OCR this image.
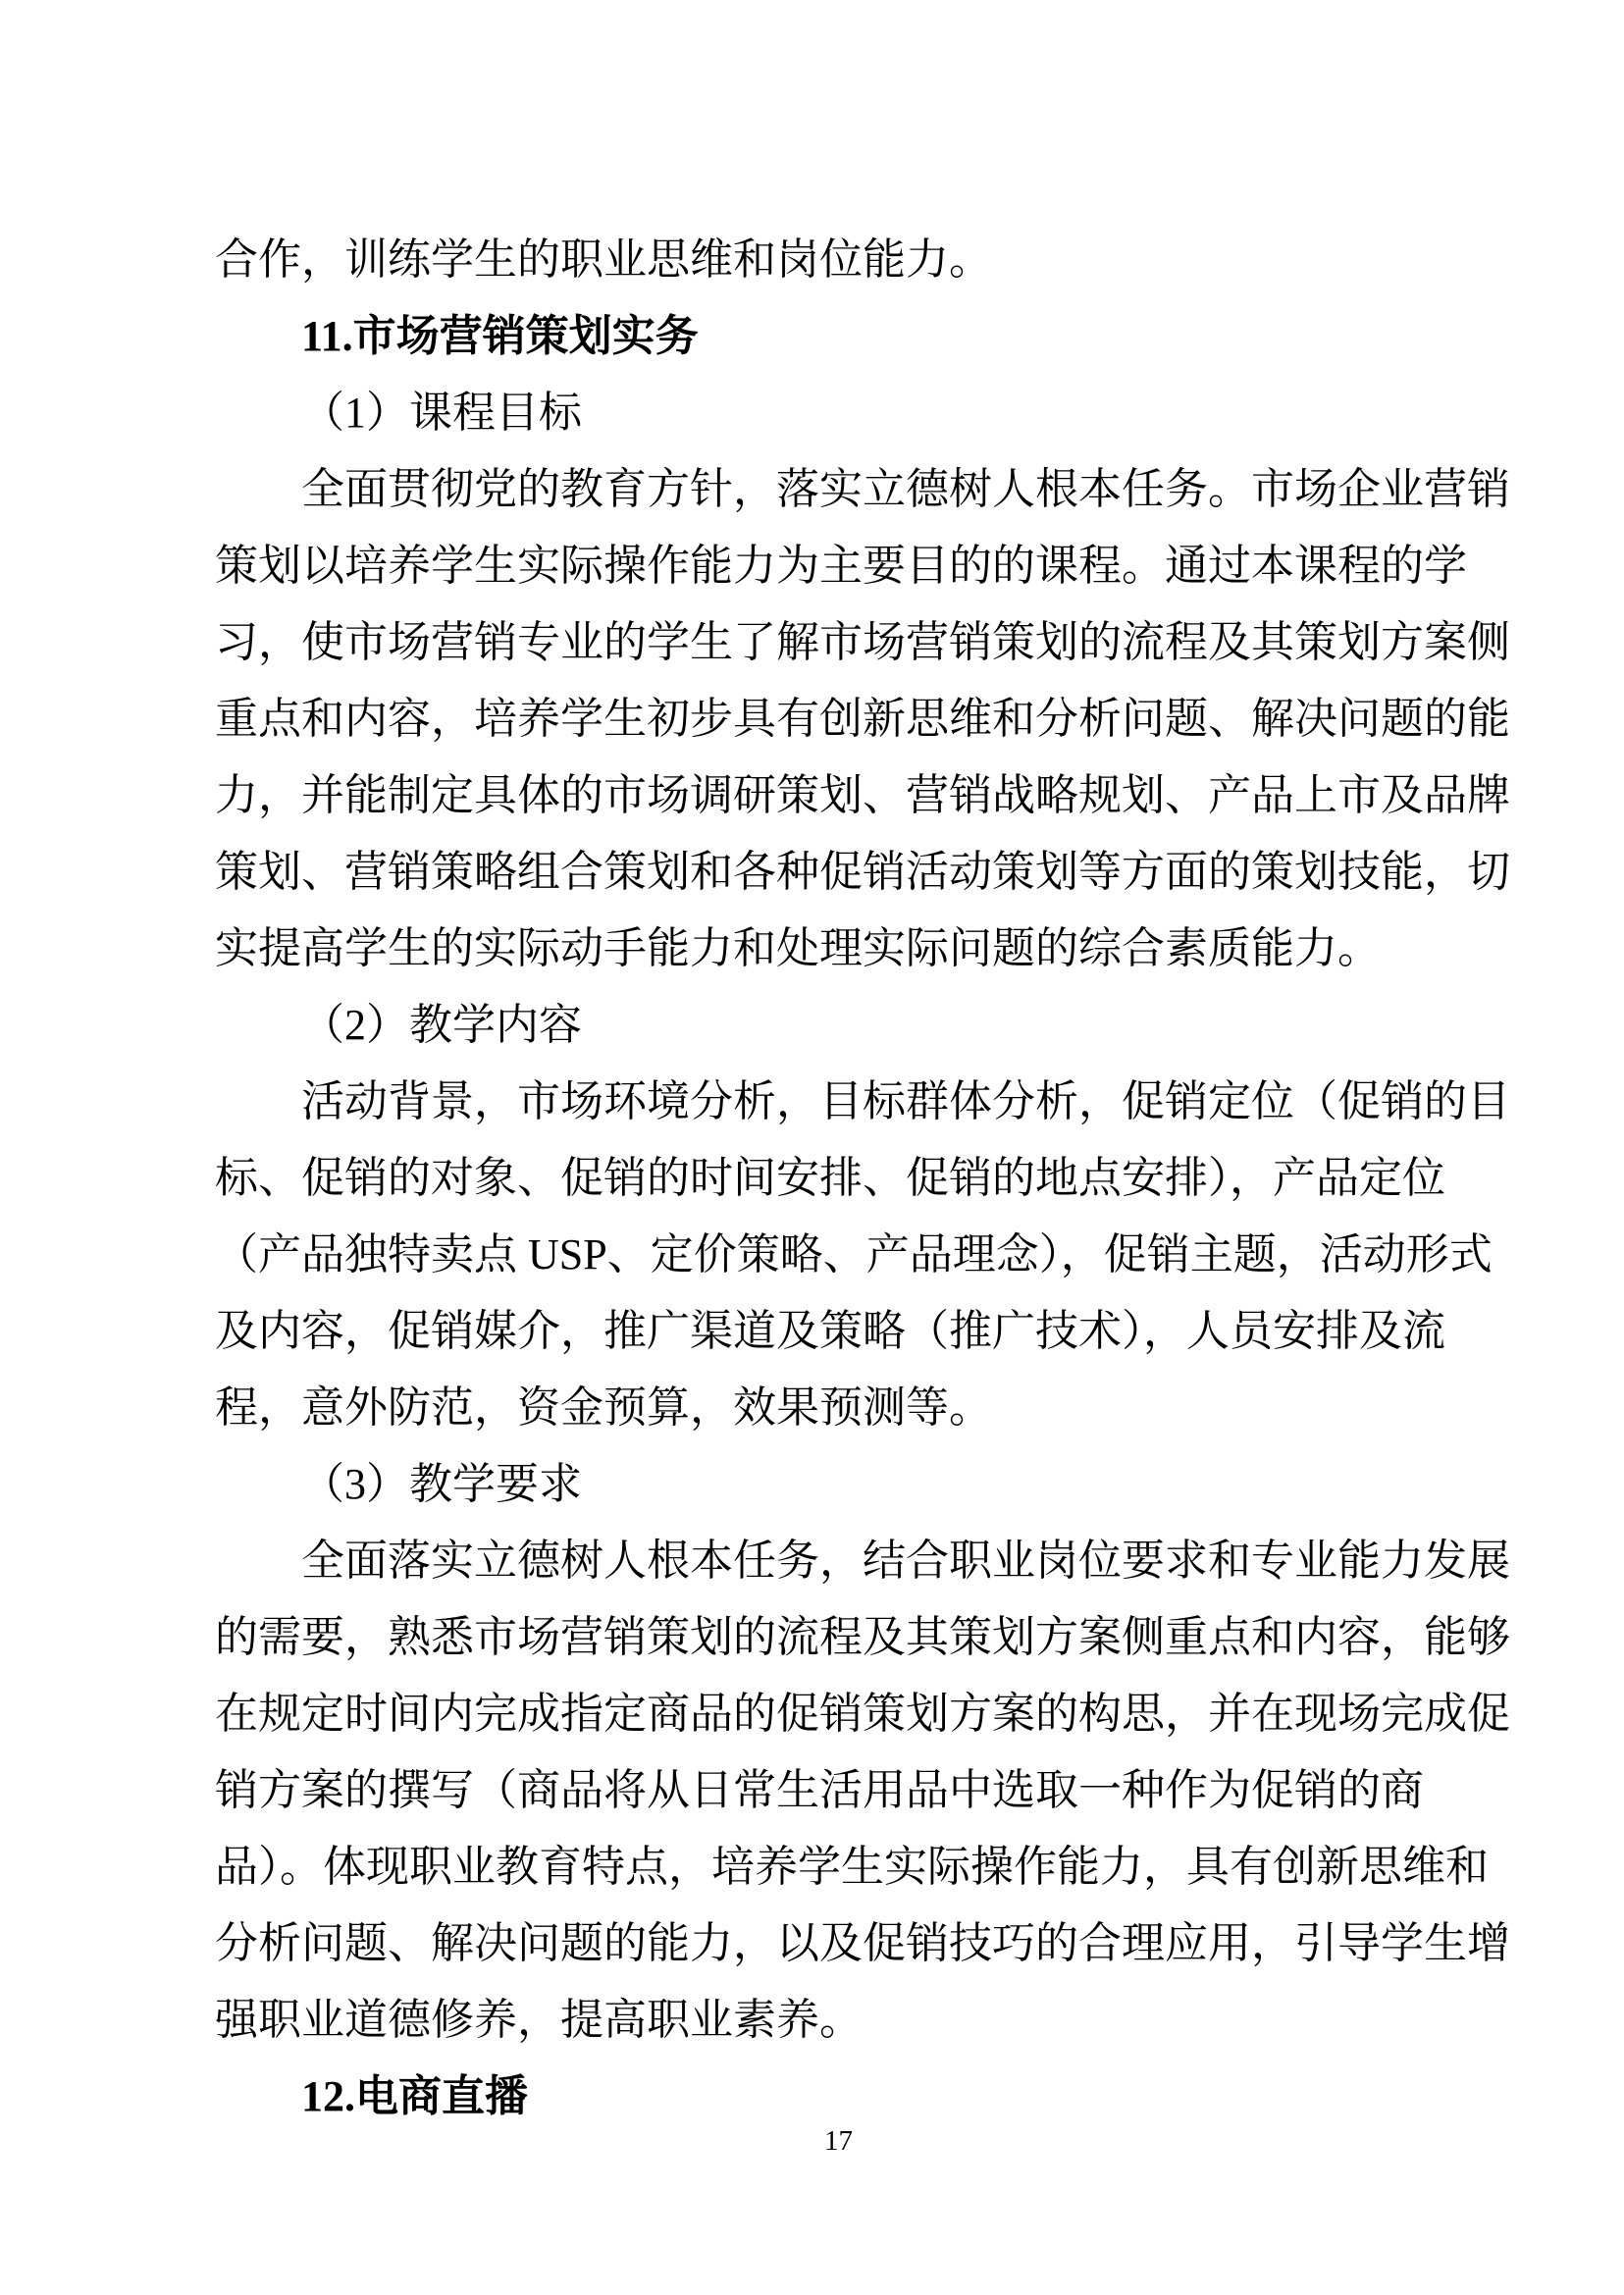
合作，训练学生的职业思维和岗位能力。

11.市场营销策划实务

（1）课程目标

全面贯彻党的教育方针，落实立德树人根本任务。市场企业营销策划以培养学生实际操作能力为主要目的的课程。通过本课程的学习，使市场营销专业的学生了解市场营销策划的流程及其策划方案侧重点和内容，培养学生初步具有创新思维和分析问题、解决问题的能力，并能制定具体的市场调研策划、营销战略规划、产品上市及品牌策划、营销策略组合策划和各种促销活动策划等方面的策划技能，切实提高学生的实际动手能力和处理实际问题的综合素质能力。

（2）教学内容

活动背景，市场环境分析，目标群体分析，促销定位（促销的目标、促销的对象、促销的时间安排、促销的地点安排），产品定位（产品独特卖点 USP、定价策略、产品理念），促销主题，活动形式及内容，促销媒介，推广渠道及策略（推广技术），人员安排及流程，意外防范，资金预算，效果预测等。

（3）教学要求

全面落实立德树人根本任务，结合职业岗位要求和专业能力发展的需要，熟悉市场营销策划的流程及其策划方案侧重点和内容，能够在规定时间内完成指定商品的促销策划方案的构思，并在现场完成促销方案的撰写（商品将从日常生活用品中选取一种作为促销的商品）。体现职业教育特点，培养学生实际操作能力，具有创新思维和分析问题、解决问题的能力，以及促销技巧的合理应用，引导学生增强职业道德修养，提高职业素养。

12.电商直播

17
